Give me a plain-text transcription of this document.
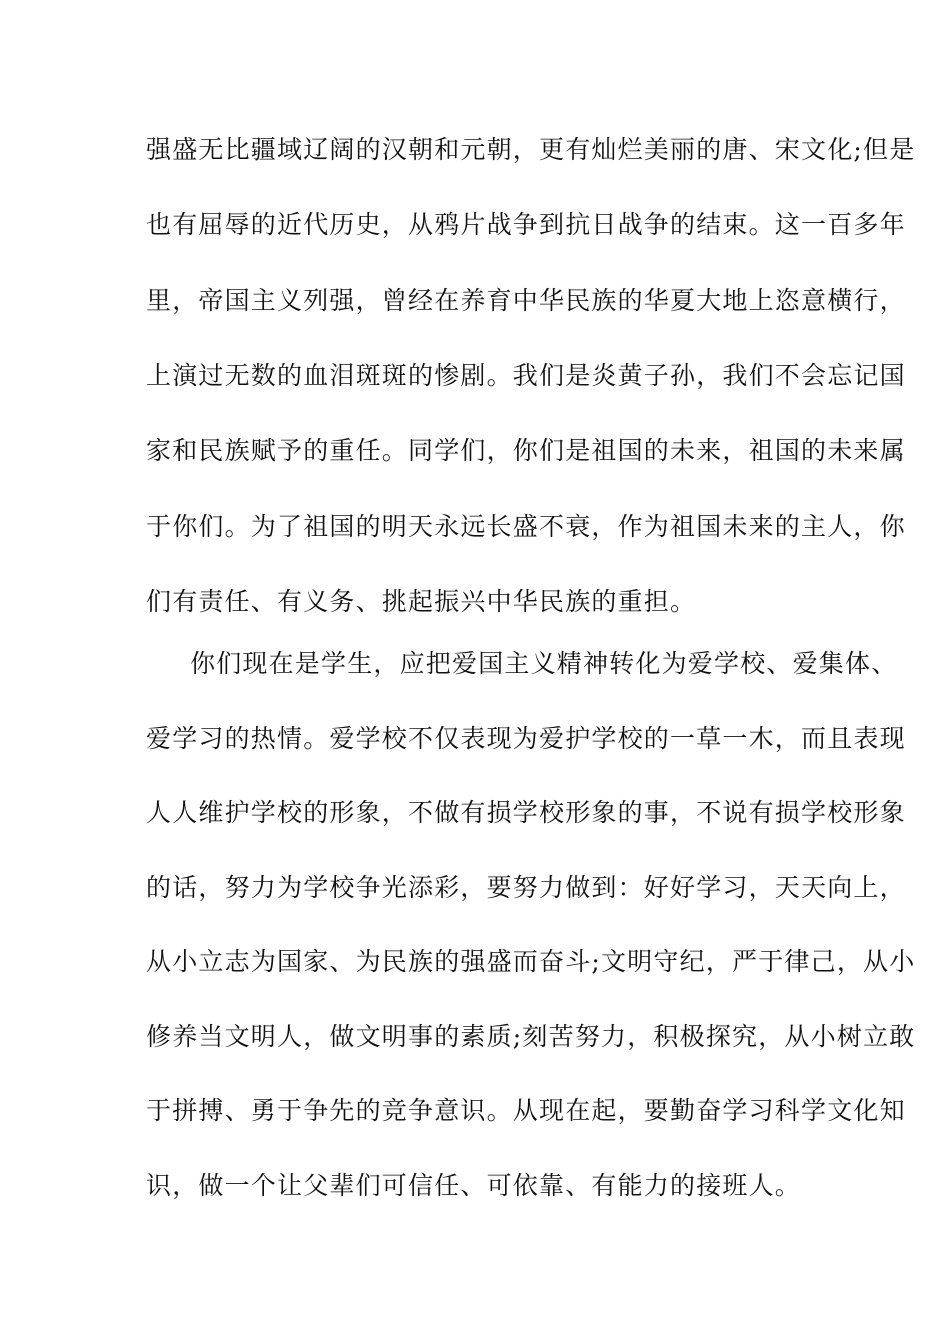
强盛无比疆域辽阔的汉朝和元朝，更有灿烂美丽的唐、宋文化;但是
也有屈辱的近代历史，从鸦片战争到抗日战争的结束。这一百多年
里，帝国主义列强，曾经在养育中华民族的华夏大地上恣意横行，
上演过无数的血泪斑斑的惨剧。我们是炎黄子孙，我们不会忘记国
家和民族赋予的重任。同学们，你们是祖国的未来，祖国的未来属
于你们。为了祖国的明天永远长盛不衰，作为祖国未来的主人，你
们有责任、有义务、挑起振兴中华民族的重担。
你们现在是学生，应把爱国主义精神转化为爱学校、爱集体、
爱学习的热情。爱学校不仅表现为爱护学校的一草一木，而且表现
人人维护学校的形象，不做有损学校形象的事，不说有损学校形象
的话，努力为学校争光添彩，要努力做到：好好学习，天天向上，
从小立志为国家、为民族的强盛而奋斗;文明守纪，严于律己，从小
修养当文明人，做文明事的素质;刻苦努力，积极探究，从小树立敢
于拼搏、勇于争先的竞争意识。从现在起，要勤奋学习科学文化知
识，做一个让父辈们可信任、可依靠、有能力的接班人。
